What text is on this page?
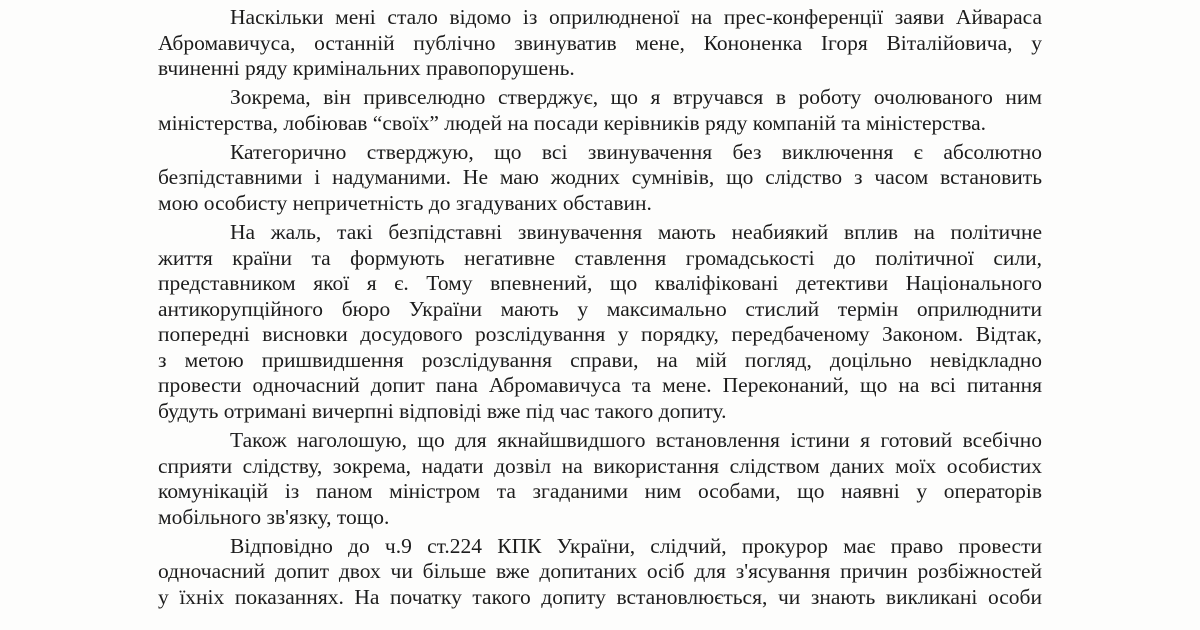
Наскільки мені стало відомо із оприлюдненої на прес-конференції заяви Айвараса
Абромавичуса, останній публічно звинуватив мене, Кононенка Ігоря Віталійовича, у
вчиненні ряду кримінальних правопорушень.
Зокрема, він привселюдно стверджує, що я втручався в роботу очолюваного ним
міністерства, лобіював “своїх” людей на посади керівників ряду компаній та міністерства.
Категорично стверджую, що всі звинувачення без виключення є абсолютно
безпідставними і надуманими. Не маю жодних сумнівів, що слідство з часом встановить
мою особисту непричетність до згадуваних обставин.
На жаль, такі безпідставні звинувачення мають неабиякий вплив на політичне
життя країни та формують негативне ставлення громадськості до політичної сили,
представником якої я є. Тому впевнений, що кваліфіковані детективи Національного
антикорупційного бюро України мають у максимально стислий термін оприлюднити
попередні висновки досудового розслідування у порядку, передбаченому Законом. Відтак,
з метою пришвидшення розслідування справи, на мій погляд, доцільно невідкладно
провести одночасний допит пана Абромавичуса та мене. Переконаний, що на всі питання
будуть отримані вичерпні відповіді вже під час такого допиту.
Також наголошую, що для якнайшвидшого встановлення істини я готовий всебічно
сприяти слідству, зокрема, надати дозвіл на використання слідством даних моїх особистих
комунікацій із паном міністром та згаданими ним особами, що наявні у операторів
мобільного зв'язку, тощо.
Відповідно до ч.9 ст.224 КПК України, слідчий, прокурор має право провести
одночасний допит двох чи більше вже допитаних осіб для з'ясування причин розбіжностей
у їхніх показаннях. На початку такого допиту встановлюється, чи знають викликані особи
